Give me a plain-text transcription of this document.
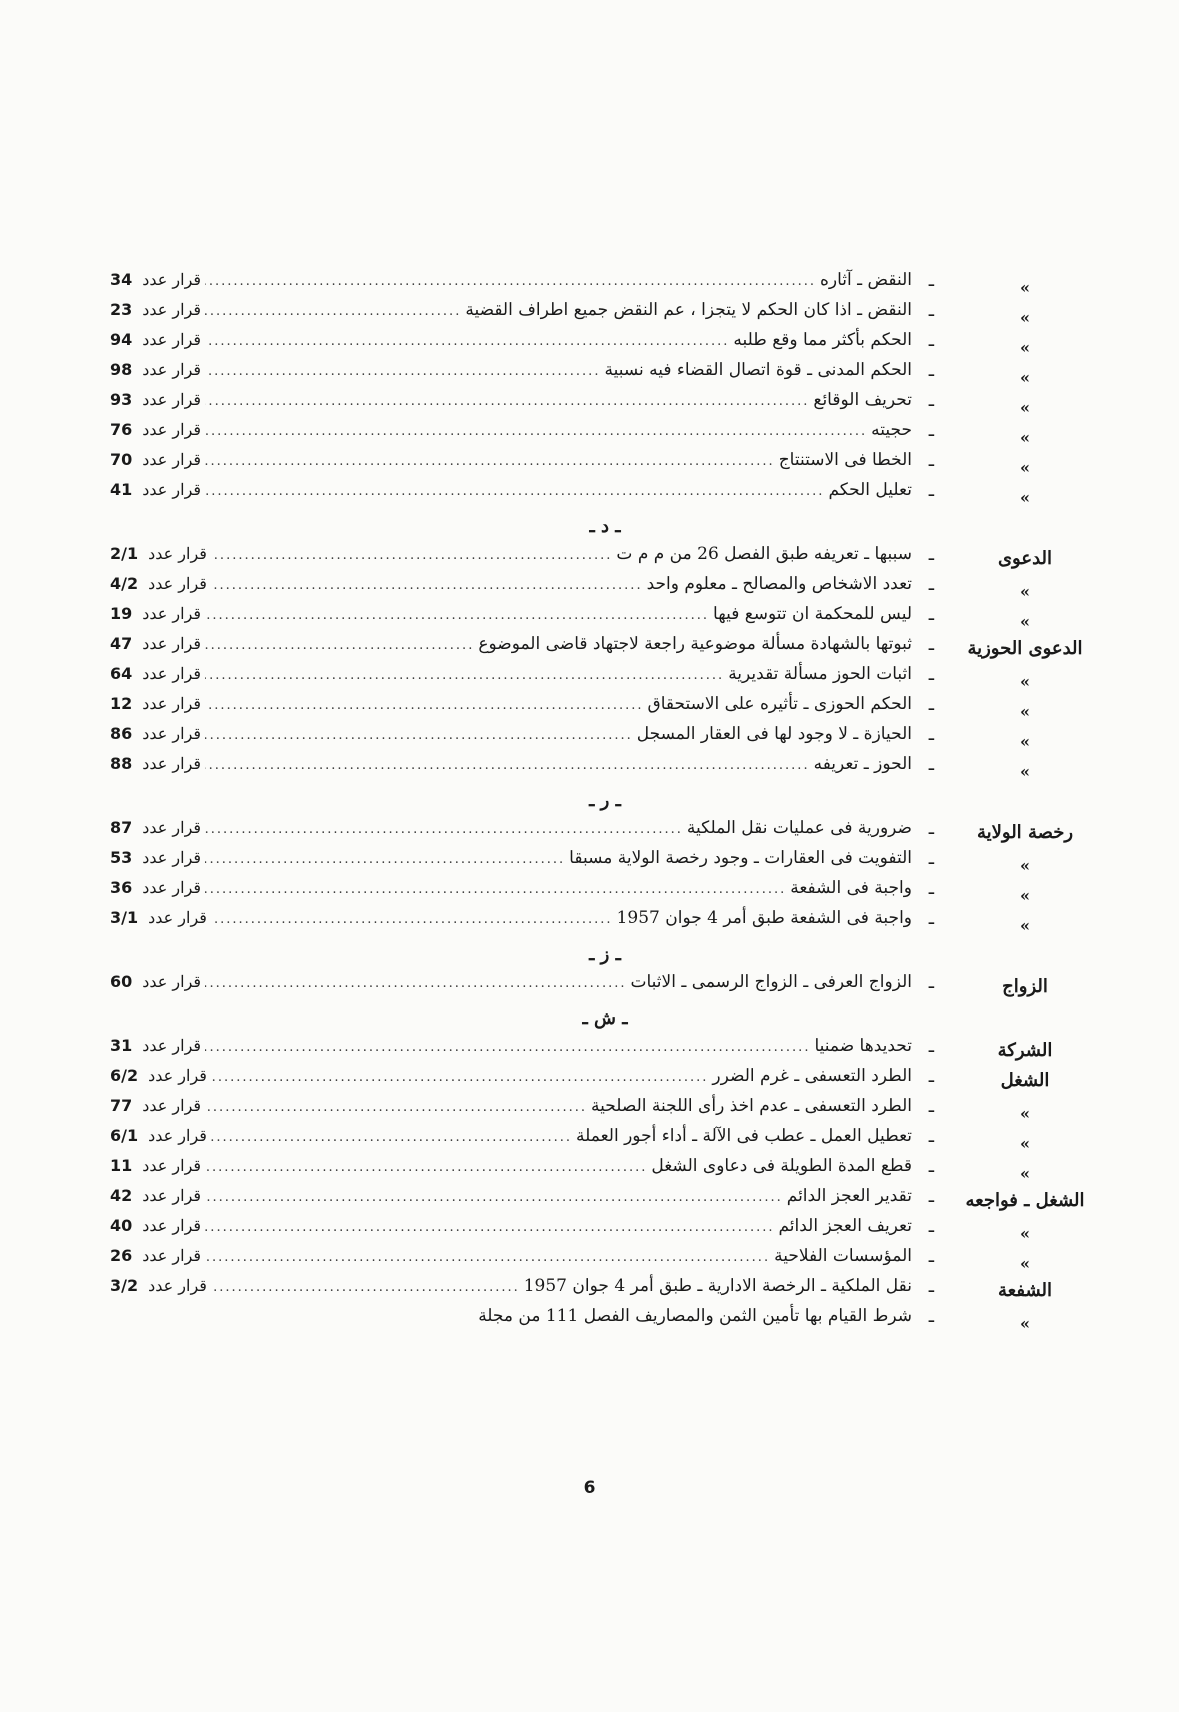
»
ـ
النقض ـ آثاره
.....
قرار عدد34
»
ـ
النقض ـ اذا كان الحكم لا يتجزا ، عم النقض جميع اطراف القضية
.....
قرار عدد23
»
ـ
الحكم بأكثر مما وقع طلبه
.....
قرار عدد94
»
ـ
الحكم المدنى ـ قوة اتصال القضاء فيه نسبية
.....
قرار عدد98
»
ـ
تحريف الوقائع
.....
قرار عدد93
»
ـ
حجيته
.....
قرار عدد76
»
ـ
الخطا فى الاستنتاج
.....
قرار عدد70
»
ـ
تعليل الحكم
.....
قرار عدد41
ـ د ـ
الدعوى
ـ
سببها ـ تعريفه طبق الفصل 26 من م م ت
.....
قرار عدد2/1
»
ـ
تعدد الاشخاص والمصالح ـ معلوم واحد
.....
قرار عدد4/2
»
ـ
ليس للمحكمة ان تتوسع فيها
.....
قرار عدد19
الدعوى الحوزية
ـ
ثبوتها بالشهادة مسألة موضوعية راجعة لاجتهاد قاضى الموضوع
.....
قرار عدد47
»
ـ
اثبات الحوز مسألة تقديرية
.....
قرار عدد64
»
ـ
الحكم الحوزى ـ تأثيره على الاستحقاق
.....
قرار عدد12
»
ـ
الحيازة ـ لا وجود لها فى العقار المسجل
.....
قرار عدد86
»
ـ
الحوز ـ تعريفه
.....
قرار عدد88
ـ ر ـ
رخصة الولاية
ـ
ضرورية فى عمليات نقل الملكية
.....
قرار عدد87
»
ـ
التفويت فى العقارات ـ وجود رخصة الولاية مسبقا
.....
قرار عدد53
»
ـ
واجبة فى الشفعة
.....
قرار عدد36
»
ـ
واجبة فى الشفعة طبق أمر 4 جوان 1957
.....
قرار عدد3/1
ـ ز ـ
الزواج
ـ
الزواج العرفى ـ الزواج الرسمى ـ الاثبات
.....
قرار عدد60
ـ ش ـ
الشركة
ـ
تحديدها ضمنيا
.....
قرار عدد31
الشغل
ـ
الطرد التعسفى ـ غرم الضرر
.....
قرار عدد6/2
»
ـ
الطرد التعسفى ـ عدم اخذ رأى اللجنة الصلحية
.....
قرار عدد77
»
ـ
تعطيل العمل ـ عطب فى الآلة ـ أداء أجور العملة
.....
قرار عدد6/1
»
ـ
قطع المدة الطويلة فى دعاوى الشغل
.....
قرار عدد11
الشغل ـ فواجعه
ـ
تقدير العجز الدائم
.....
قرار عدد42
»
ـ
تعريف العجز الدائم
.....
قرار عدد40
»
ـ
المؤسسات الفلاحية
.....
قرار عدد26
الشفعة
ـ
نقل الملكية ـ الرخصة الادارية ـ طبق أمر 4 جوان 1957
.....
قرار عدد3/2
»
ـ
شرط القيام بها تأمين الثمن والمصاريف الفصل 111 من مجلة
6
